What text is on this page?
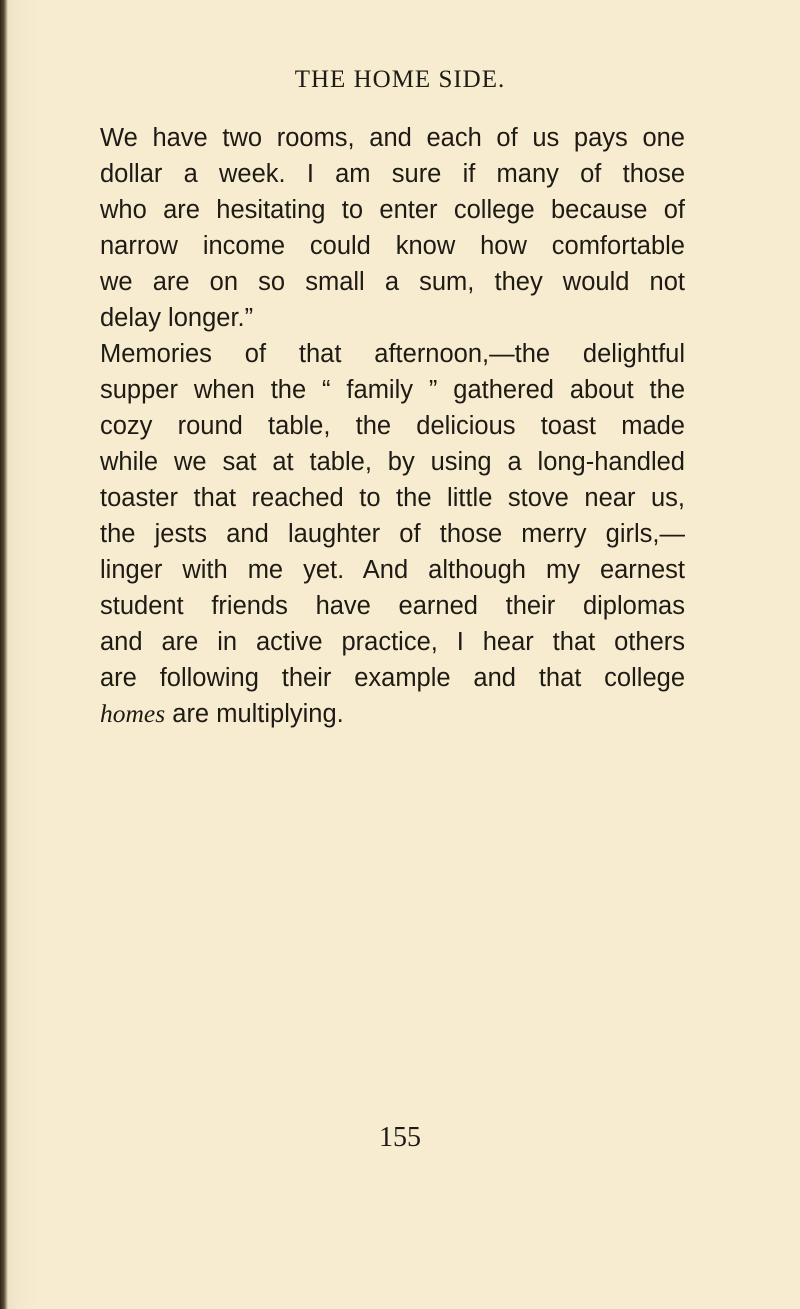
THE HOME SIDE.
We have two rooms, and each of us pays one
dollar a week. I am sure if many of those
who are hesitating to enter college because of
narrow income could know how comfortable
we are on so small a sum, they would not
delay longer.”
Memories of that afternoon,—the delightful
supper when the “ family ” gathered about the
cozy round table, the delicious toast made
while we sat at table, by using a long-handled
toaster that reached to the little stove near us,
the jests and laughter of those merry girls,—
linger with me yet. And although my earnest
student friends have earned their diplomas
and are in active practice, I hear that others
are following their example and that college
homes are multiplying.
155
